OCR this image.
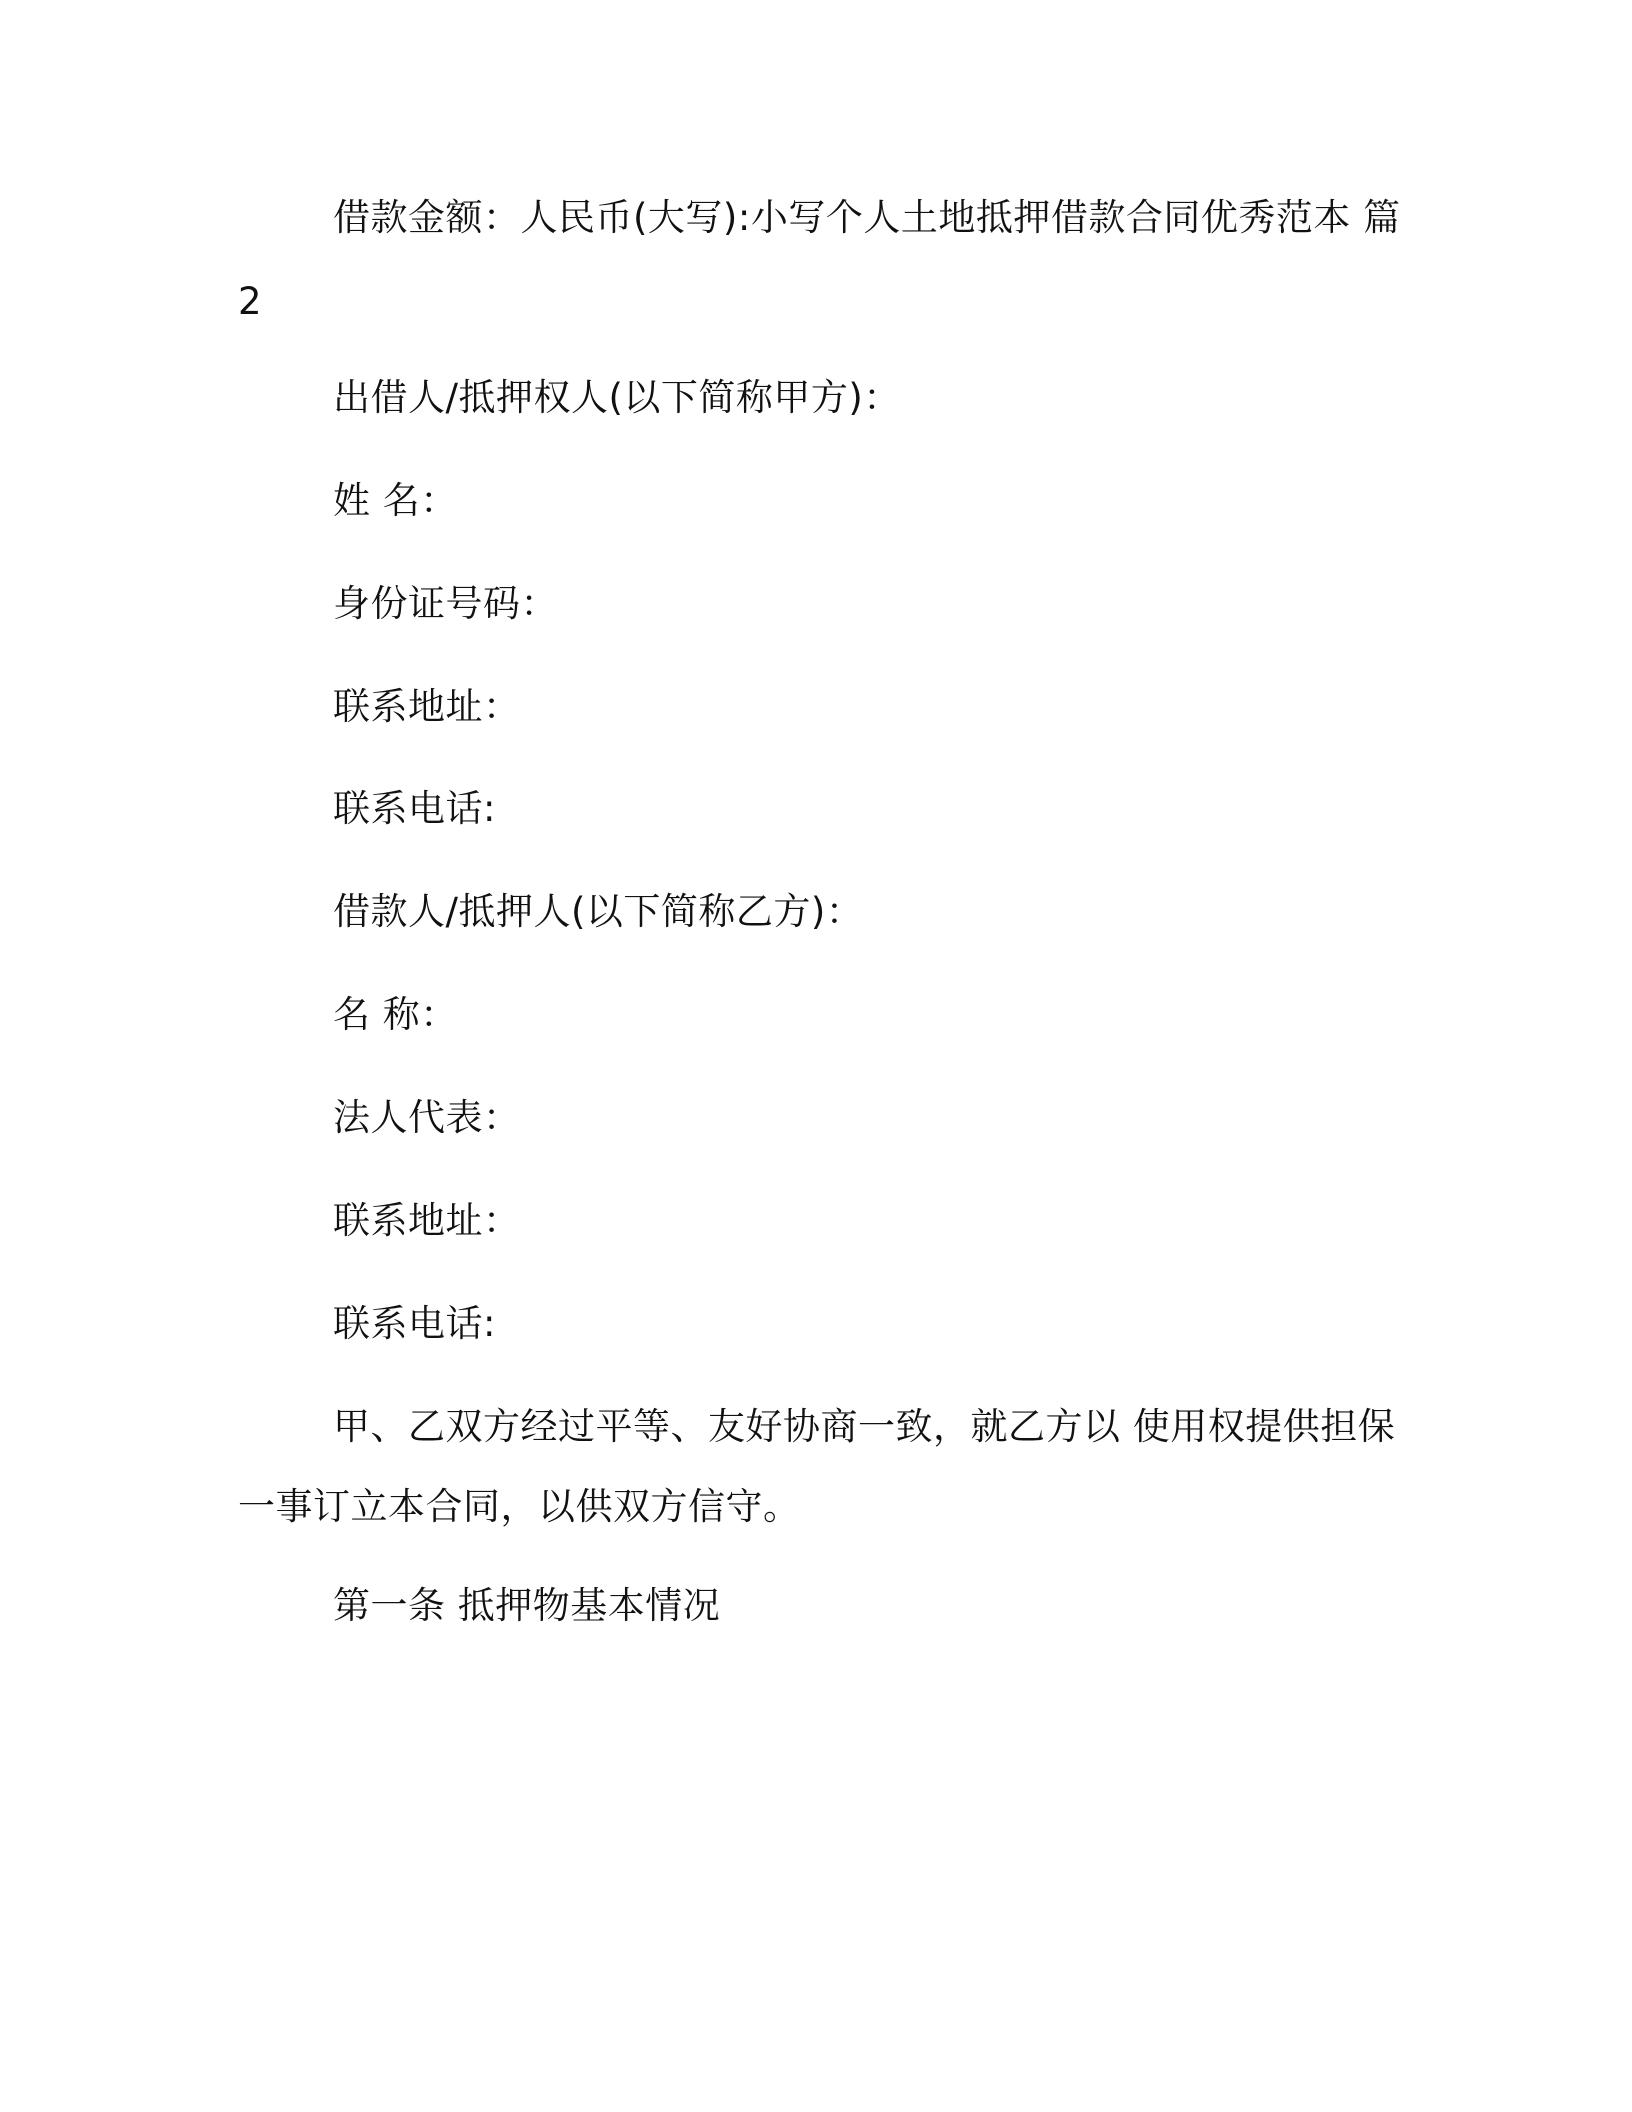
借款金额：人民币(大写):小写个人土地抵押借款合同优秀范本 篇

2

出借人/抵押权人(以下简称甲方)：

姓 名：

身份证号码：

联系地址：

联系电话:

借款人/抵押人(以下简称乙方)：

名 称：

法人代表：

联系地址：

联系电话:

甲、乙双方经过平等、友好协商一致，就乙方以 使用权提供担保

一事订立本合同，以供双方信守。

第一条 抵押物基本情况
